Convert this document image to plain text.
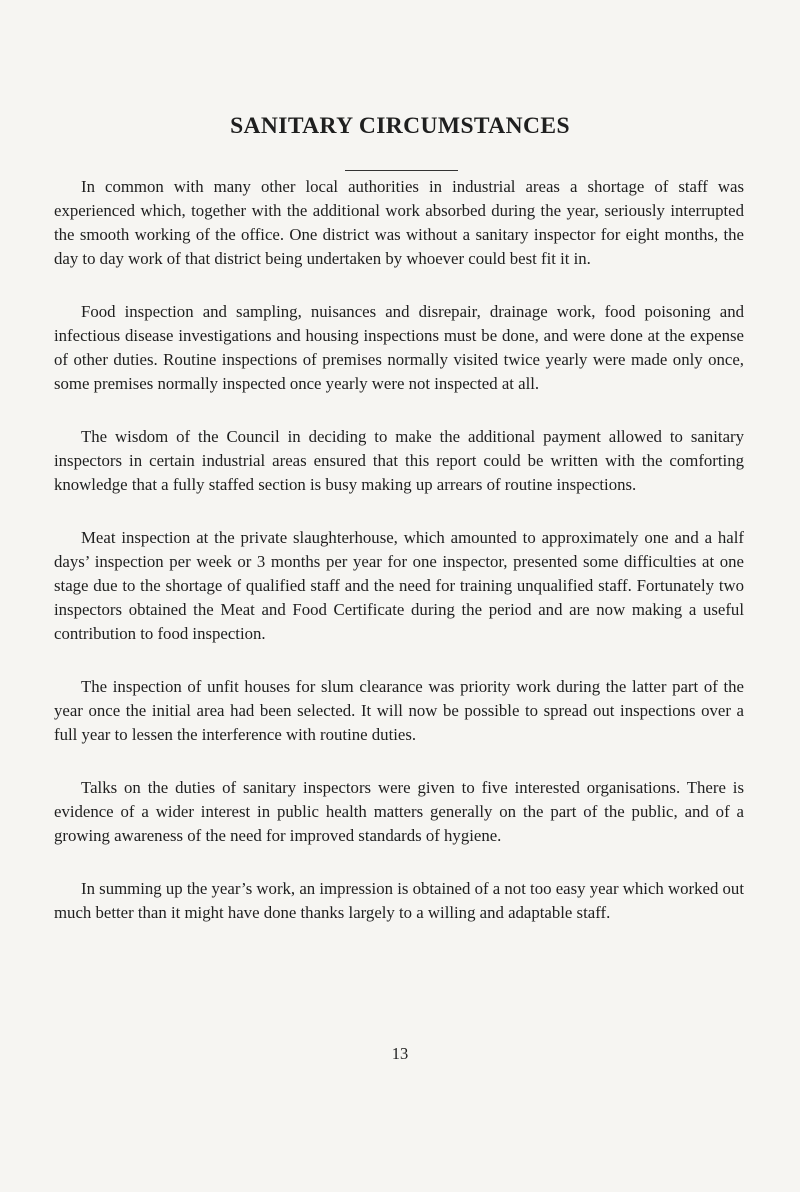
SANITARY CIRCUMSTANCES

In common with many other local authorities in industrial areas a shortage of staff was experienced which, together with the additional work absorbed during the year, seriously interrupted the smooth working of the office. One district was without a sanitary inspector for eight months, the day to day work of that district being undertaken by whoever could best fit it in.

Food inspection and sampling, nuisances and disrepair, drainage work, food poisoning and infectious disease investigations and housing inspections must be done, and were done at the expense of other duties. Routine inspections of premises normally visited twice yearly were made only once, some premises normally inspected once yearly were not inspected at all.

The wisdom of the Council in deciding to make the additional payment allowed to sanitary inspectors in certain industrial areas ensured that this report could be written with the comforting knowledge that a fully staffed section is busy making up arrears of routine inspections.

Meat inspection at the private slaughterhouse, which amounted to approximately one and a half days’ inspection per week or 3 months per year for one inspector, presented some difficulties at one stage due to the shortage of qualified staff and the need for training unqualified staff. Fortunately two inspectors obtained the Meat and Food Certificate during the period and are now making a useful contribution to food inspection.

The inspection of unfit houses for slum clearance was priority work during the latter part of the year once the initial area had been selected. It will now be possible to spread out inspections over a full year to lessen the interference with routine duties.

Talks on the duties of sanitary inspectors were given to five interested organisations. There is evidence of a wider interest in public health matters generally on the part of the public, and of a growing awareness of the need for improved standards of hygiene.

In summing up the year’s work, an impression is obtained of a not too easy year which worked out much better than it might have done thanks largely to a willing and adaptable staff.

13
